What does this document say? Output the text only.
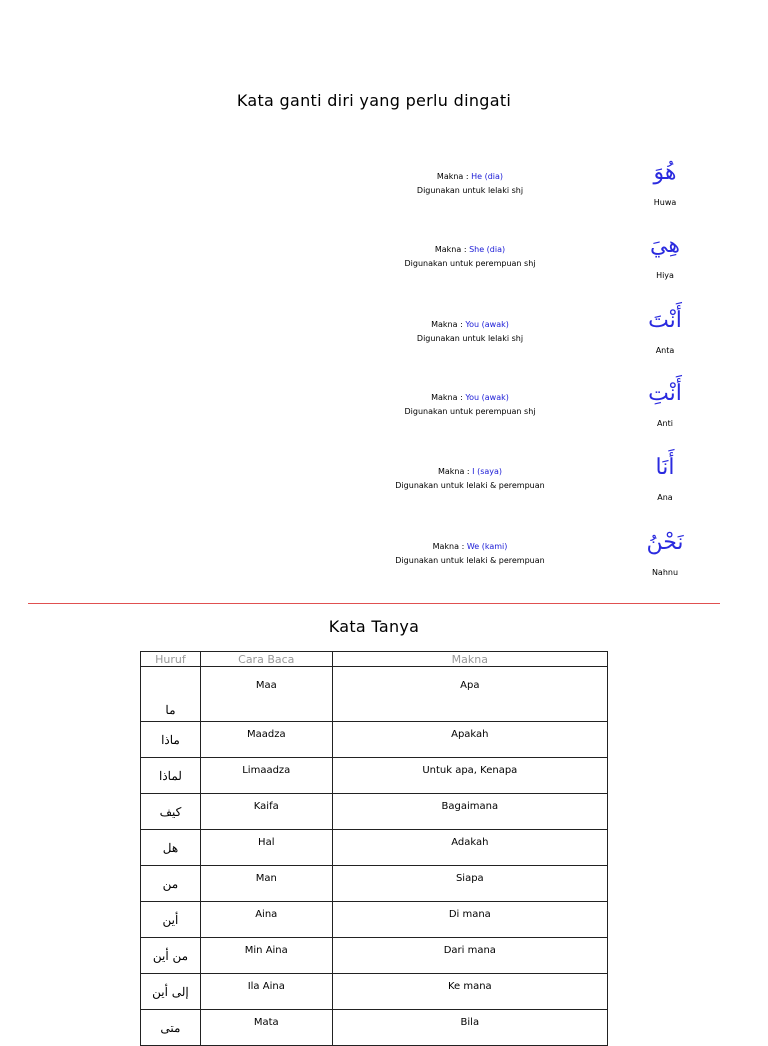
Kata ganti diri yang perlu dingati
Makna : He (dia)
Digunakan untuk lelaki shj
هُوَ
Huwa
Makna : She (dia)
Digunakan untuk perempuan shj
هِيَ
Hiya
Makna : You (awak)
Digunakan untuk lelaki shj
أَنْتَ
Anta
Makna : You (awak)
Digunakan untuk perempuan shj
أَنْتِ
Anti
Makna : I (saya)
Digunakan untuk lelaki & perempuan
أَنَا
Ana
Makna : We (kami)
Digunakan untuk lelaki & perempuan
نَحْنُ
Nahnu
Kata Tanya
Huruf	Cara Baca	Makna
ما	Maa	Apa
ماذا	Maadza	Apakah
لماذا	Limaadza	Untuk apa, Kenapa
كيف	Kaifa	Bagaimana
هل	Hal	Adakah
من	Man	Siapa
أين	Aina	Di mana
من أين	Min Aina	Dari mana
إلى أين	Ila Aina	Ke mana
متى	Mata	Bila
